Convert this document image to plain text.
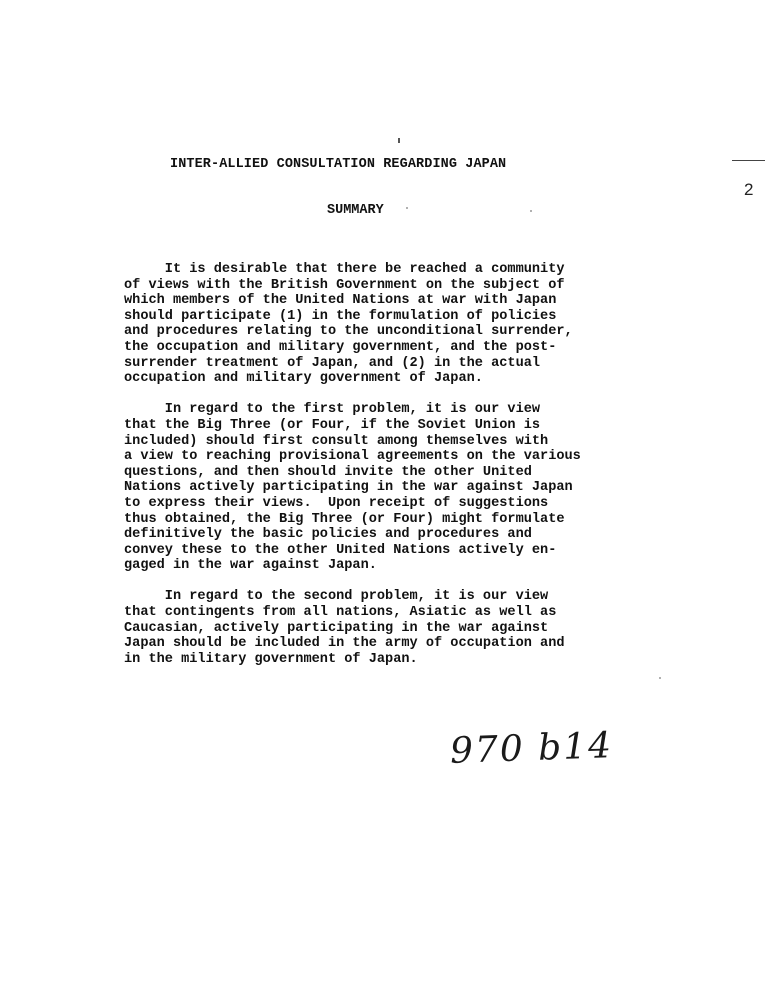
2
INTER-ALLIED CONSULTATION REGARDING JAPAN
SUMMARY
It is desirable that there be reached a community
of views with the British Government on the subject of
which members of the United Nations at war with Japan
should participate (1) in the formulation of policies
and procedures relating to the unconditional surrender,
the occupation and military government, and the post-
surrender treatment of Japan, and (2) in the actual
occupation and military government of Japan.
In regard to the first problem, it is our view
that the Big Three (or Four, if the Soviet Union is
included) should first consult among themselves with
a view to reaching provisional agreements on the various
questions, and then should invite the other United
Nations actively participating in the war against Japan
to express their views.  Upon receipt of suggestions
thus obtained, the Big Three (or Four) might formulate
definitively the basic policies and procedures and
convey these to the other United Nations actively en-
gaged in the war against Japan.
In regard to the second problem, it is our view
that contingents from all nations, Asiatic as well as
Caucasian, actively participating in the war against
Japan should be included in the army of occupation and
in the military government of Japan.
970 b14
